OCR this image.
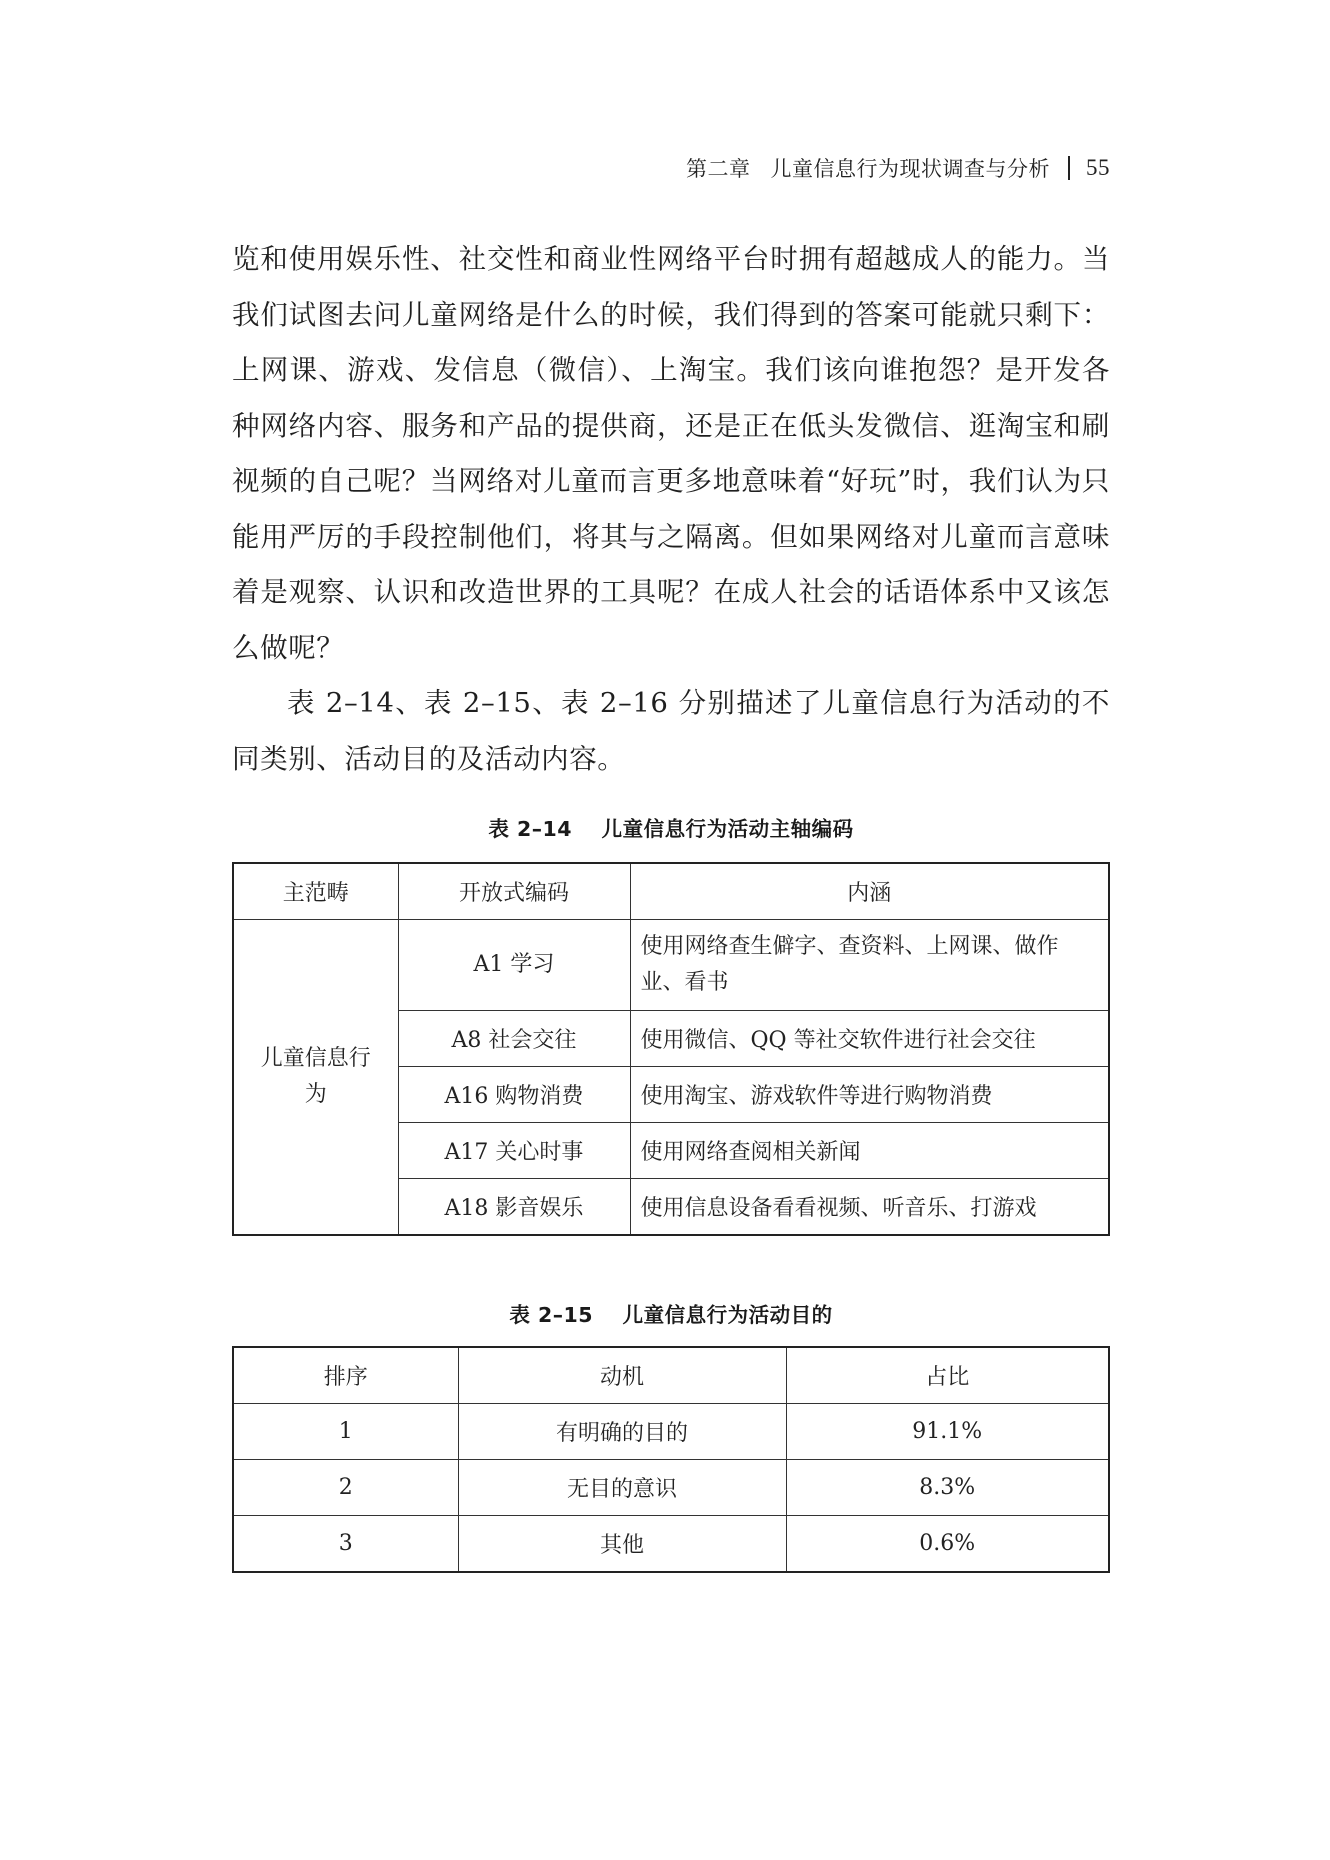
第二章 儿童信息行为现状调查与分析 55

览和使用娱乐性、社交性和商业性网络平台时拥有超越成人的能力。当我们试图去问儿童网络是什么的时候，我们得到的答案可能就只剩下：上网课、游戏、发信息（微信）、上淘宝。我们该向谁抱怨？是开发各种网络内容、服务和产品的提供商，还是正在低头发微信、逛淘宝和刷视频的自己呢？当网络对儿童而言更多地意味着“好玩”时，我们认为只能用严厉的手段控制他们，将其与之隔离。但如果网络对儿童而言意味着是观察、认识和改造世界的工具呢？在成人社会的话语体系中又该怎么做呢？

表 2–14、表 2–15、表 2–16 分别描述了儿童信息行为活动的不同类别、活动目的及活动内容。

表 2–14 儿童信息行为活动主轴编码
主范畴	开放式编码	内涵
儿童信息行为	A1 学习	使用网络查生僻字、查资料、上网课、做作业、看书
	A8 社会交往	使用微信、QQ 等社交软件进行社会交往
	A16 购物消费	使用淘宝、游戏软件等进行购物消费
	A17 关心时事	使用网络查阅相关新闻
	A18 影音娱乐	使用信息设备看看视频、听音乐、打游戏
表 2–15 儿童信息行为活动目的
排序	动机	占比
1	有明确的目的	91.1%
2	无目的意识	8.3%
3	其他	0.6%
